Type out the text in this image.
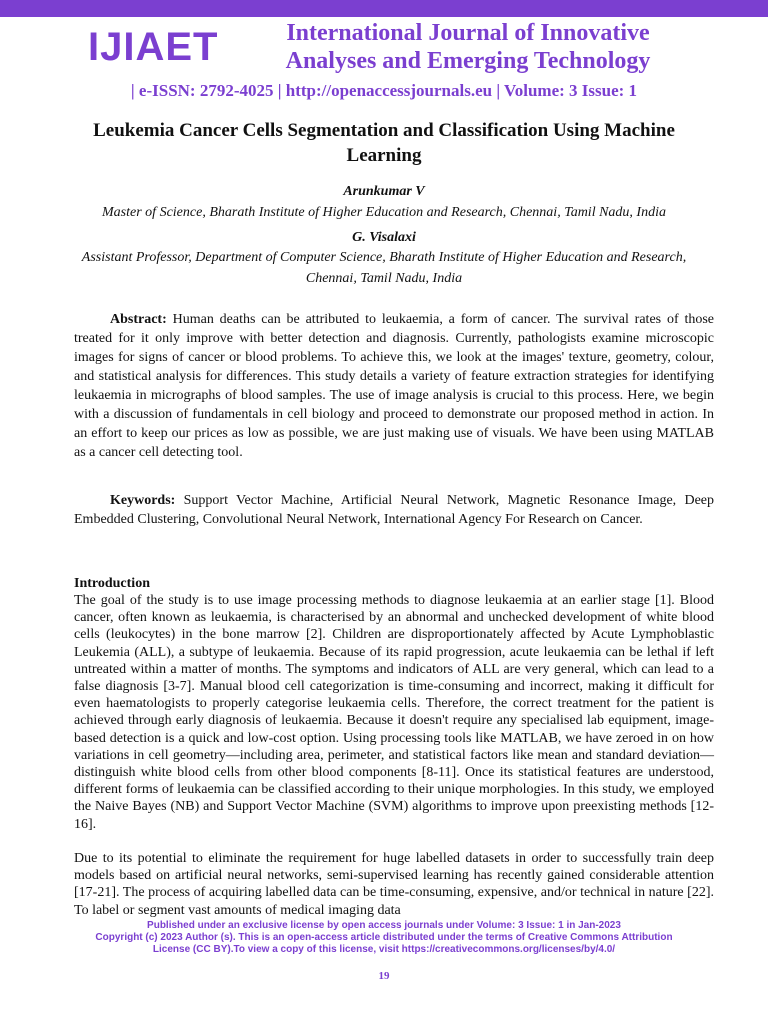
IJIAET	International Journal of Innovative
Analyses and Emerging Technology
| e-ISSN: 2792-4025 | http://openaccessjournals.eu | Volume: 3 Issue: 1
Leukemia Cancer Cells Segmentation and Classification Using Machine Learning
Arunkumar V
Master of Science, Bharath Institute of Higher Education and Research, Chennai, Tamil Nadu, India
G. Visalaxi
Assistant Professor, Department of Computer Science, Bharath Institute of Higher Education and Research, Chennai, Tamil Nadu, India
Abstract: Human deaths can be attributed to leukaemia, a form of cancer. The survival rates of those treated for it only improve with better detection and diagnosis. Currently, pathologists examine microscopic images for signs of cancer or blood problems. To achieve this, we look at the images' texture, geometry, colour, and statistical analysis for differences. This study details a variety of feature extraction strategies for identifying leukaemia in micrographs of blood samples. The use of image analysis is crucial to this process. Here, we begin with a discussion of fundamentals in cell biology and proceed to demonstrate our proposed method in action. In an effort to keep our prices as low as possible, we are just making use of visuals. We have been using MATLAB as a cancer cell detecting tool.
Keywords: Support Vector Machine, Artificial Neural Network, Magnetic Resonance Image, Deep Embedded Clustering, Convolutional Neural Network, International Agency For Research on Cancer.
Introduction
The goal of the study is to use image processing methods to diagnose leukaemia at an earlier stage [1]. Blood cancer, often known as leukaemia, is characterised by an abnormal and unchecked development of white blood cells (leukocytes) in the bone marrow [2]. Children are disproportionately affected by Acute Lymphoblastic Leukemia (ALL), a subtype of leukaemia. Because of its rapid progression, acute leukaemia can be lethal if left untreated within a matter of months. The symptoms and indicators of ALL are very general, which can lead to a false diagnosis [3-7]. Manual blood cell categorization is time-consuming and incorrect, making it difficult for even haematologists to properly categorise leukaemia cells. Therefore, the correct treatment for the patient is achieved through early diagnosis of leukaemia. Because it doesn't require any specialised lab equipment, image-based detection is a quick and low-cost option. Using processing tools like MATLAB, we have zeroed in on how variations in cell geometry—including area, perimeter, and statistical factors like mean and standard deviation—distinguish white blood cells from other blood components [8-11]. Once its statistical features are understood, different forms of leukaemia can be classified according to their unique morphologies. In this study, we employed the Naive Bayes (NB) and Support Vector Machine (SVM) algorithms to improve upon preexisting methods [12-16].
Due to its potential to eliminate the requirement for huge labelled datasets in order to successfully train deep models based on artificial neural networks, semi-supervised learning has recently gained considerable attention [17-21]. The process of acquiring labelled data can be time-consuming, expensive, and/or technical in nature [22]. To label or segment vast amounts of medical imaging data
Published under an exclusive license by open access journals under Volume: 3 Issue: 1 in Jan-2023
Copyright (c) 2023 Author (s). This is an open-access article distributed under the terms of Creative Commons Attribution
License (CC BY).To view a copy of this license, visit https://creativecommons.org/licenses/by/4.0/
19
